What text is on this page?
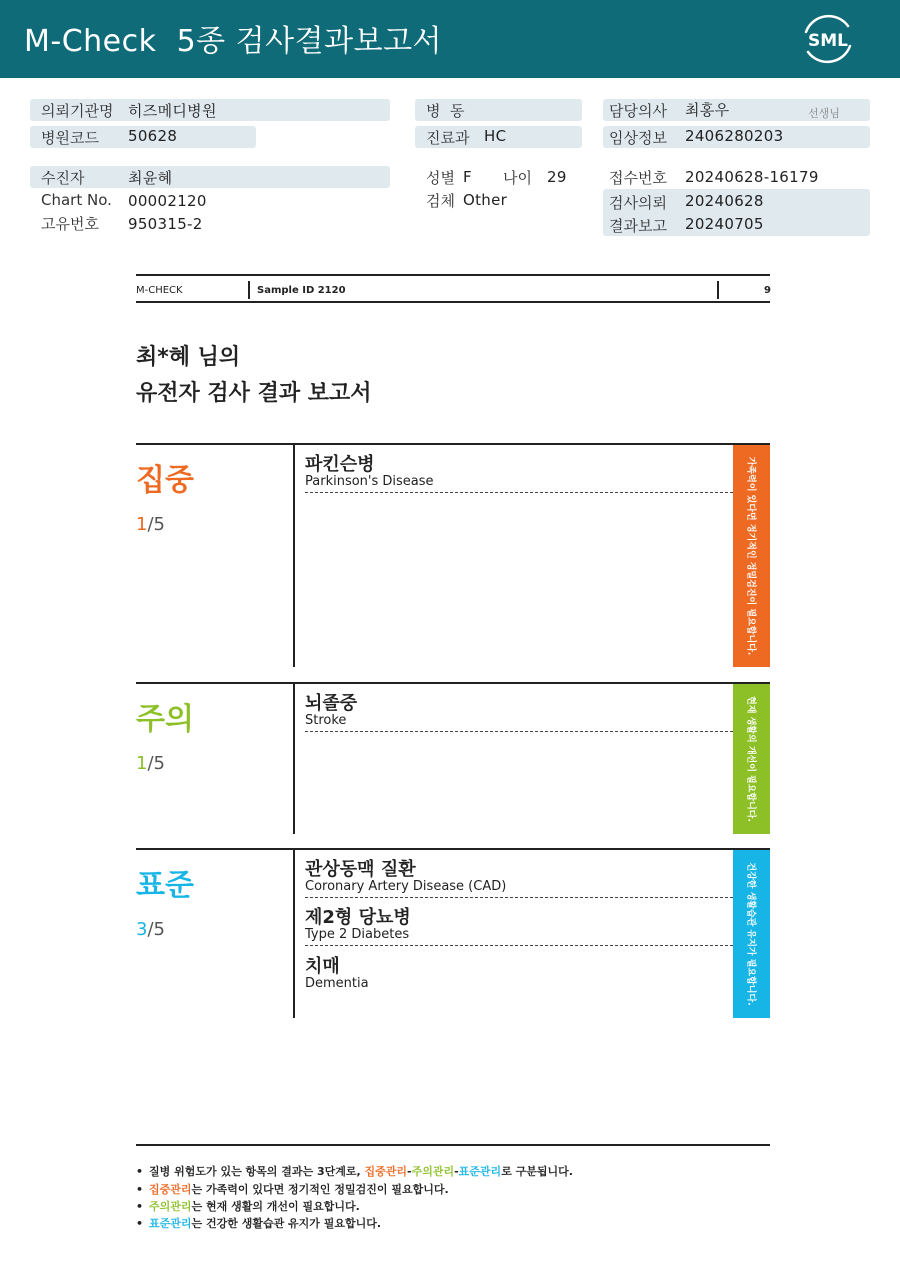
M-Check  5종 검사결과보고서	SML
의뢰기관명 히즈메디병원
병원코드 50628
병  동
진료과 HC
담당의사 최홍우	선생님
임상정보 2406280203
수진자	최윤혜
Chart No. 00002120
고유번호 950315-2
성별 F 나이 29
검체 Other
접수번호 20240628-16179
검사의뢰 20240628
결과보고 20240705
M-CHECK	Sample ID 2120	9
최*혜 님의
유전자 검사 결과 보고서
집중
1/5
파킨슨병
Parkinson's Disease	가족력이 있다면 정기적인 정밀검진이 필요합니다.
주의
1/5
뇌졸중
Stroke	현재 생활의 개선이 필요합니다.
표준
3/5
관상동맥 질환
Coronary Artery Disease (CAD)
제2형 당뇨병
Type 2 Diabetes
치매
Dementia	건강한 생활습관 유지가 필요합니다.
• 질병 위험도가 있는 항목의 결과는 3단계로, 집중관리-주의관리-표준관리로 구분됩니다.
• 집중관리는 가족력이 있다면 정기적인 정밀검진이 필요합니다.
• 주의관리는 현재 생활의 개선이 필요합니다.
• 표준관리는 건강한 생활습관 유지가 필요합니다.
